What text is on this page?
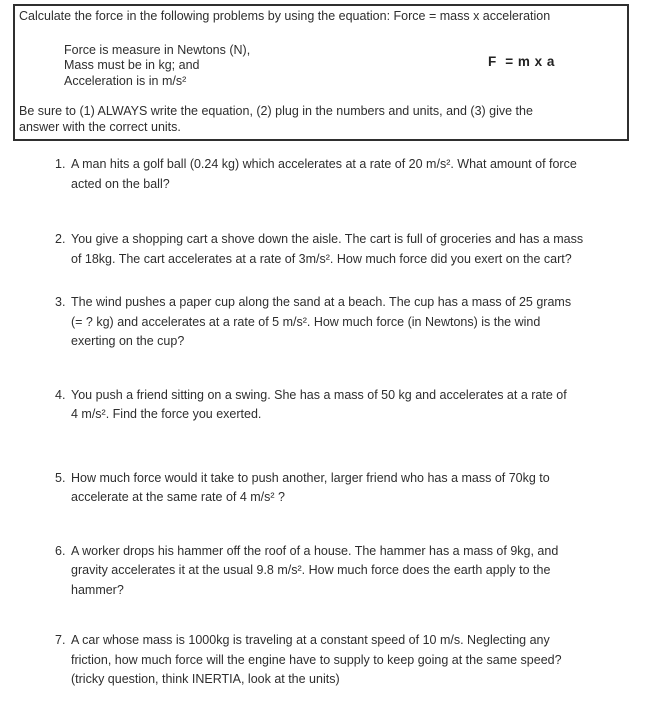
Calculate the force in the following problems by using the equation: Force = mass x acceleration
Force is measure in Newtons (N),
Mass must be in kg; and
Acceleration is in m/s²
F  = m x a
Be sure to (1) ALWAYS write the equation, (2) plug in the numbers and units, and (3) give the
answer with the correct units.
1. A man hits a golf ball (0.24 kg) which accelerates at a rate of 20 m/s². What amount of force
acted on the ball?
2. You give a shopping cart a shove down the aisle. The cart is full of groceries and has a mass
of 18kg. The cart accelerates at a rate of 3m/s². How much force did you exert on the cart?
3. The wind pushes a paper cup along the sand at a beach. The cup has a mass of 25 grams
(= ? kg) and accelerates at a rate of 5 m/s². How much force (in Newtons) is the wind
exerting on the cup?
4. You push a friend sitting on a swing. She has a mass of 50 kg and accelerates at a rate of
4 m/s². Find the force you exerted.
5. How much force would it take to push another, larger friend who has a mass of 70kg to
accelerate at the same rate of 4 m/s² ?
6. A worker drops his hammer off the roof of a house. The hammer has a mass of 9kg, and
gravity accelerates it at the usual 9.8 m/s². How much force does the earth apply to the
hammer?
7. A car whose mass is 1000kg is traveling at a constant speed of 10 m/s. Neglecting any
friction, how much force will the engine have to supply to keep going at the same speed?
(tricky question, think INERTIA, look at the units)
